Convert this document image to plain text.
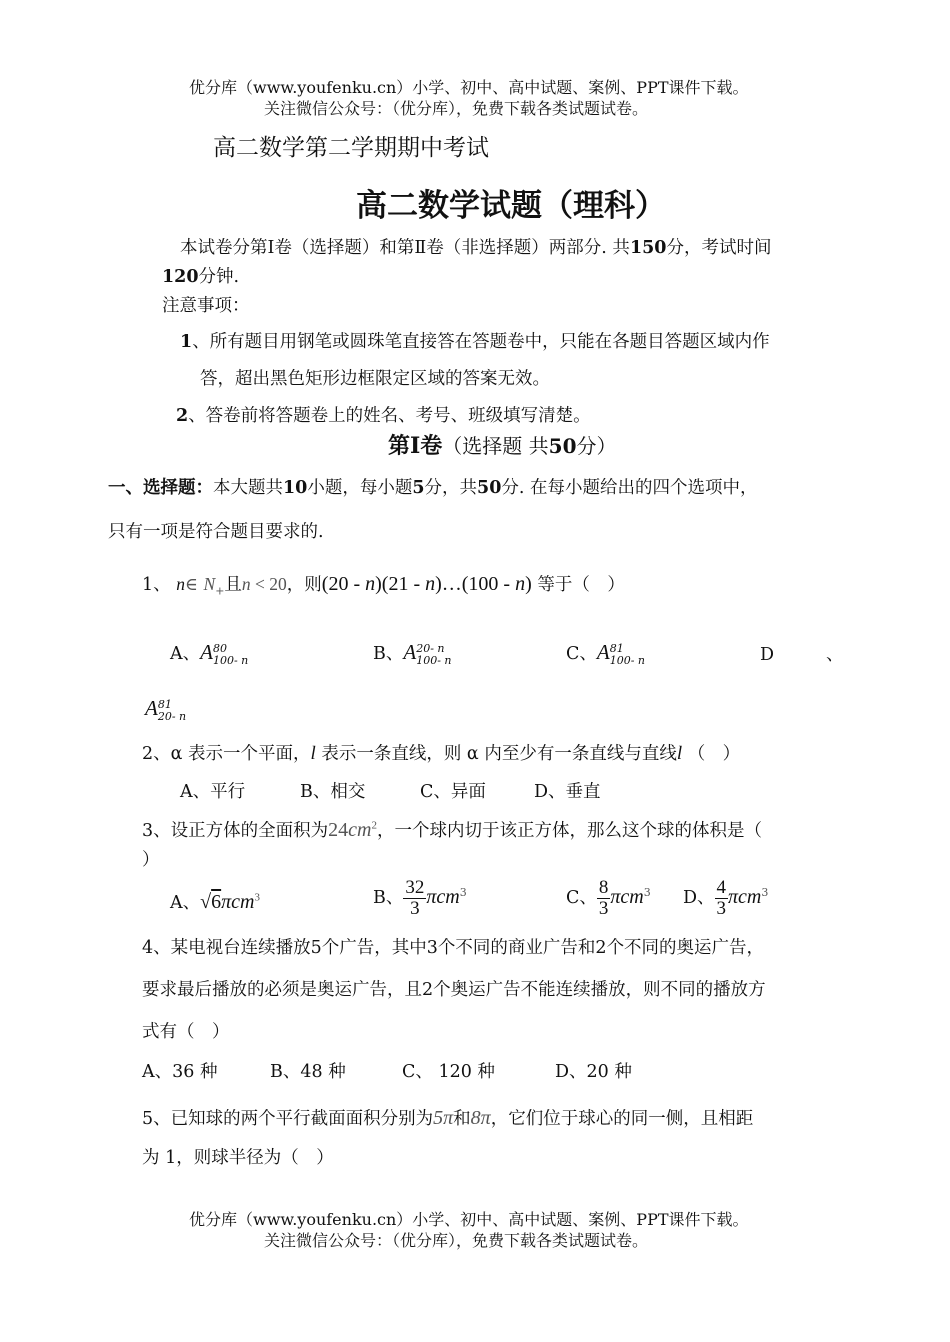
优分库（www.youfenku.cn）小学、初中、高中试题、案例、PPT课件下载。
关注微信公众号：（优分库），免费下载各类试题试卷。
高二数学第二学期期中考试
高二数学试题（理科）
本试卷分第Ⅰ卷（选择题）和第Ⅱ卷（非选择题）两部分. 共150分，考试时间
120分钟.
注意事项：
1、所有题目用钢笔或圆珠笔直接答在答题卷中，只能在各题目答题区域内作
答，超出黑色矩形边框限定区域的答案无效。
2、答卷前将答题卷上的姓名、考号、班级填写清楚。
第Ⅰ卷（选择题 共50分）
一、选择题：本大题共10小题，每小题5分，共50分. 在每小题给出的四个选项中，
只有一项是符合题目要求的.
1、 n∈ $N_+$且n < 20，则(20 - n)(21 - n)…(100 - n) 等于（　）
A、A 80
100- n	B、A 20- n
100- n	C、A 81
100- n	D	、
A 81
20- n
2、α 表示一个平面，l 表示一条直线，则 α 内至少有一条直线与直线l （　）
A、平行	B、相交	C、异面	D、垂直
3、设正方体的全面积为$24cm^2$，一个球内切于该正方体，那么这个球的体积是（
）
A、√6πcm$^3$	B、 $\frac{32}{3} \pi cm^3$	C、 $\frac{8}{3} \pi cm^3$ D、 $\frac{4}{3} \pi cm^3$
4、某电视台连续播放5个广告，其中3个不同的商业广告和2个不同的奥运广告，
要求最后播放的必须是奥运广告，且2个奥运广告不能连续播放，则不同的播放方
式有（　）
A、36 种	B、48 种	C、 120 种	D、20 种
5、已知球的两个平行截面面积分别为5π和8π，它们位于球心的同一侧，且相距
为 1，则球半径为（　）
优分库（www.youfenku.cn）小学、初中、高中试题、案例、PPT课件下载。
关注微信公众号：（优分库），免费下载各类试题试卷。
